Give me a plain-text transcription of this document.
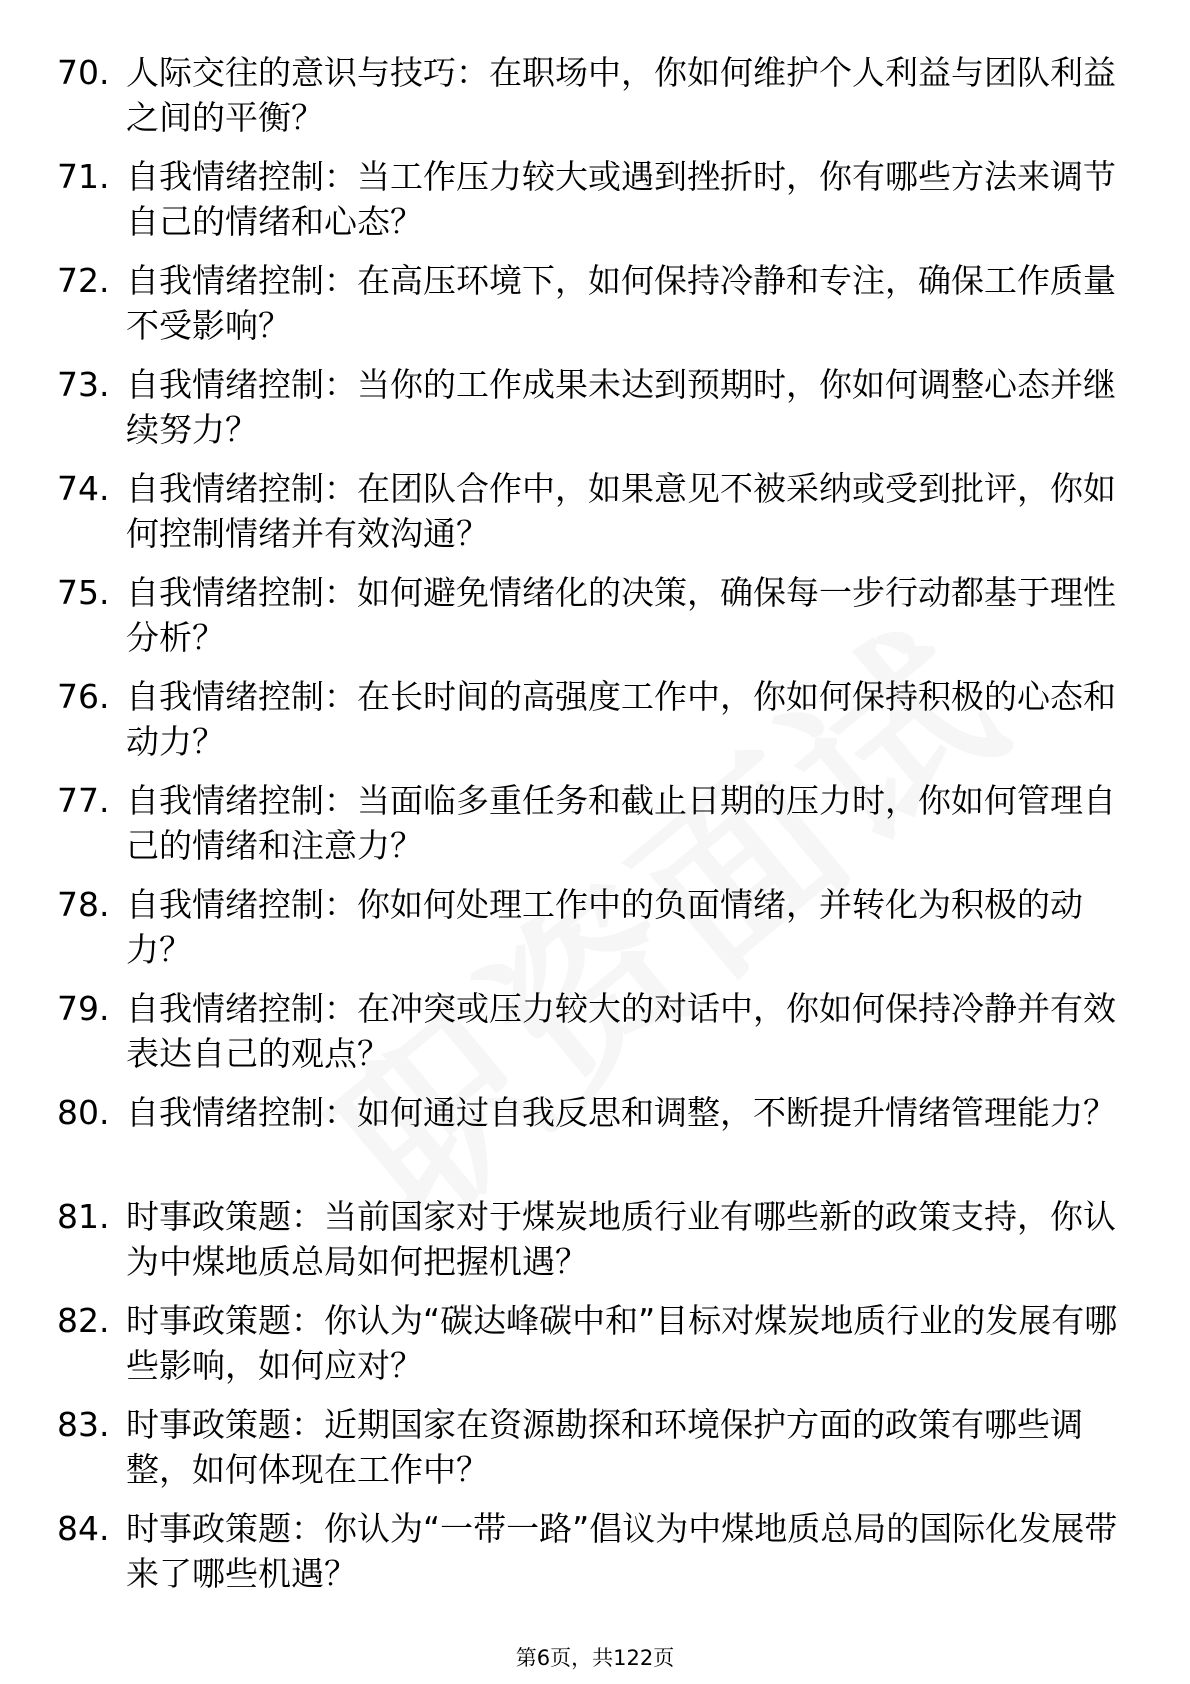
70. 人际交往的意识与技巧：在职场中，你如何维护个人利益与团队利益之间的平衡？
71. 自我情绪控制：当工作压力较大或遇到挫折时，你有哪些方法来调节自己的情绪和心态？
72. 自我情绪控制：在高压环境下，如何保持冷静和专注，确保工作质量不受影响？
73. 自我情绪控制：当你的工作成果未达到预期时，你如何调整心态并继续努力？
74. 自我情绪控制：在团队合作中，如果意见不被采纳或受到批评，你如何控制情绪并有效沟通？
75. 自我情绪控制：如何避免情绪化的决策，确保每一步行动都基于理性分析？
76. 自我情绪控制：在长时间的高强度工作中，你如何保持积极的心态和动力？
77. 自我情绪控制：当面临多重任务和截止日期的压力时，你如何管理自己的情绪和注意力？
78. 自我情绪控制：你如何处理工作中的负面情绪，并转化为积极的动力？
79. 自我情绪控制：在冲突或压力较大的对话中，你如何保持冷静并有效表达自己的观点？
80. 自我情绪控制：如何通过自我反思和调整，不断提升情绪管理能力？
81. 时事政策题：当前国家对于煤炭地质行业有哪些新的政策支持，你认为中煤地质总局如何把握机遇？
82. 时事政策题：你认为“碳达峰碳中和”目标对煤炭地质行业的发展有哪些影响，如何应对？
83. 时事政策题：近期国家在资源勘探和环境保护方面的政策有哪些调整，如何体现在工作中？
84. 时事政策题：你认为“一带一路”倡议为中煤地质总局的国际化发展带来了哪些机遇？
第6页，共122页
